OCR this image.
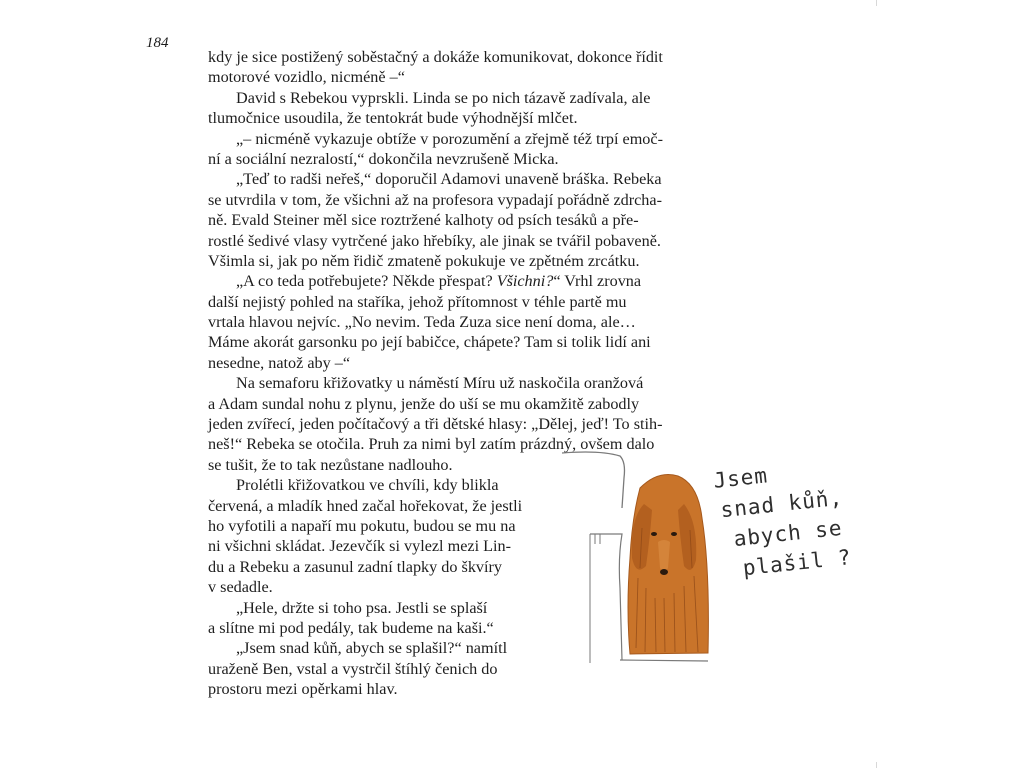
184
kdy je sice postižený soběstačný a dokáže komunikovat, dokonce řídit
motorové vozidlo, nicméně –“
David s Rebekou vyprskli. Linda se po nich tázavě zadívala, ale
tlumočnice usoudila, že tentokrát bude výhodnější mlčet.
„– nicméně vykazuje obtíže v porozumění a zřejmě též trpí emoč-
ní a sociální nezralostí,“ dokončila nevzrušeně Micka.
„Teď to radši neřeš,“ doporučil Adamovi unaveně bráška. Rebeka
se utvrdila v tom, že všichni až na profesora vypadají pořádně zdrcha-
ně. Evald Steiner měl sice roztržené kalhoty od psích tesáků a pře-
rostlé šedivé vlasy vytrčené jako hřebíky, ale jinak se tvářil pobaveně.
Všimla si, jak po něm řidič zmateně pokukuje ve zpětném zrcátku.
„A co teda potřebujete? Někde přespat? Všichni?“ Vrhl zrovna
další nejistý pohled na staříka, jehož přítomnost v téhle partě mu
vrtala hlavou nejvíc. „No nevim. Teda Zuza sice není doma, ale…
Máme akorát garsonku po její babičce, chápete? Tam si tolik lidí ani
nesedne, natož aby –“
Na semaforu křižovatky u náměstí Míru už naskočila oranžová
a Adam sundal nohu z plynu, jenže do uší se mu okamžitě zabodly
jeden zvířecí, jeden počítačový a tři dětské hlasy: „Dělej, jeď! To stih-
neš!“ Rebeka se otočila. Pruh za nimi byl zatím prázdný, ovšem dalo
se tušit, že to tak nezůstane nadlouho.
Prolétli křižovatkou ve chvíli, kdy blikla
červená, a mladík hned začal hořekovat, že jestli
ho vyfotili a napaří mu pokutu, budou se mu na
ni všichni skládat. Jezevčík si vylezl mezi Lin-
du a Rebeku a zasunul zadní tlapky do škvíry
v sedadle.
„Hele, držte si toho psa. Jestli se splaší
a slítne mi pod pedály, tak budeme na kaši.“
„Jsem snad kůň, abych se splašil?“ namítl
uraženě Ben, vstal a vystrčil štíhlý čenich do
prostoru mezi opěrkami hlav.
Jsem
snad kůň,
abych se
plašil ?
